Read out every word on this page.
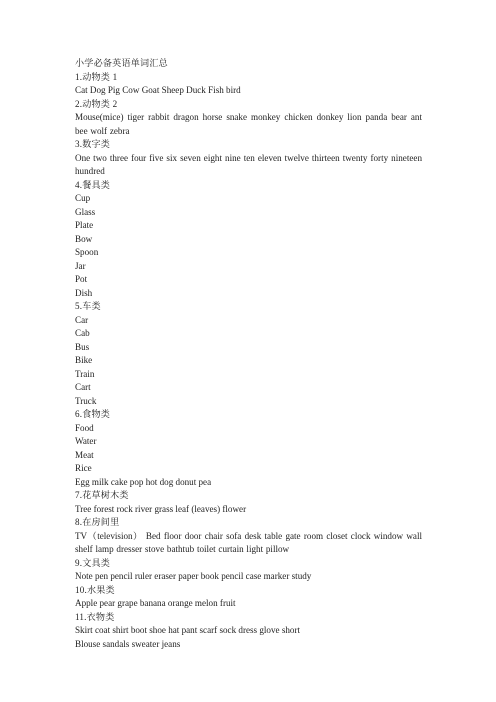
小学必备英语单词汇总
1.动物类 1
Cat Dog Pig Cow Goat Sheep Duck Fish bird
2.动物类 2
Mouse(mice) tiger rabbit dragon horse snake monkey chicken donkey lion panda bear ant bee wolf zebra
3.数字类
One two three four five six seven eight nine ten eleven twelve thirteen twenty forty nineteen hundred
4.餐具类
Cup
Glass
Plate
Bow
Spoon
Jar
Pot
Dish
5.车类
Car
Cab
Bus
Bike
Train
Cart
Truck
6.食物类
Food
Water
Meat
Rice
Egg milk cake pop hot dog donut pea
7.花草树木类
Tree forest rock river grass leaf (leaves) flower
8.在房间里
TV（television） Bed floor door chair sofa desk table gate room closet clock window wall shelf lamp dresser stove bathtub toilet curtain light pillow
9.文具类
Note pen pencil ruler eraser paper book pencil case marker study
10.水果类
Apple pear grape banana orange melon fruit
11.衣物类
Skirt coat shirt boot shoe hat pant scarf sock dress glove short
Blouse sandals sweater jeans
